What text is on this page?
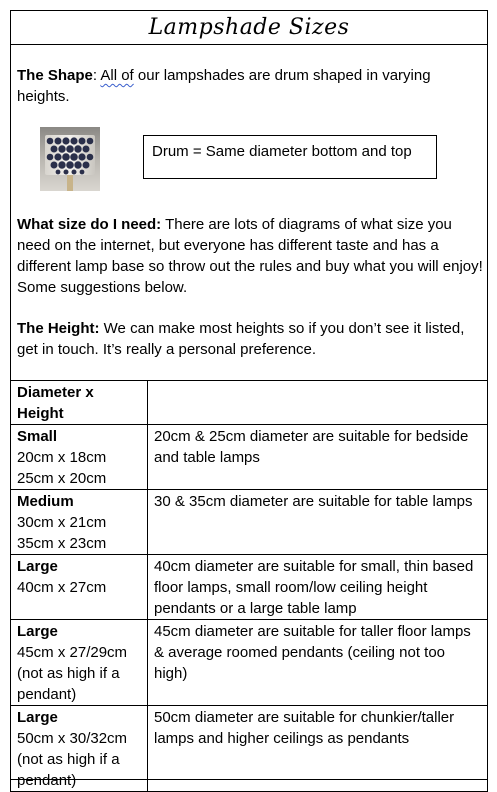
Lampshade Sizes

The Shape: All of our lampshades are drum shaped in varying heights.

Drum = Same diameter bottom and top

What size do I need: There are lots of diagrams of what size you need on the internet, but everyone has different taste and has a different lamp base so throw out the rules and buy what you will enjoy! Some suggestions below.

The Height: We can make most heights so if you don’t see it listed, get in touch. It’s really a personal preference.

Diameter x
Height	

Small
20cm x 18cm
25cm x 20cm	20cm & 25cm diameter are suitable for bedside and table lamps

Medium
30cm x 21cm
35cm x 23cm	30 & 35cm diameter are suitable for table lamps

Large
40cm x 27cm	40cm diameter are suitable for small, thin based floor lamps, small room/low ceiling height pendants or a large table lamp

Large
45cm x 27/29cm
(not as high if a
pendant)	45cm diameter are suitable for taller floor lamps & average roomed pendants (ceiling not too high)

Large
50cm x 30/32cm
(not as high if a
pendant)	50cm diameter are suitable for chunkier/taller lamps and higher ceilings as pendants
